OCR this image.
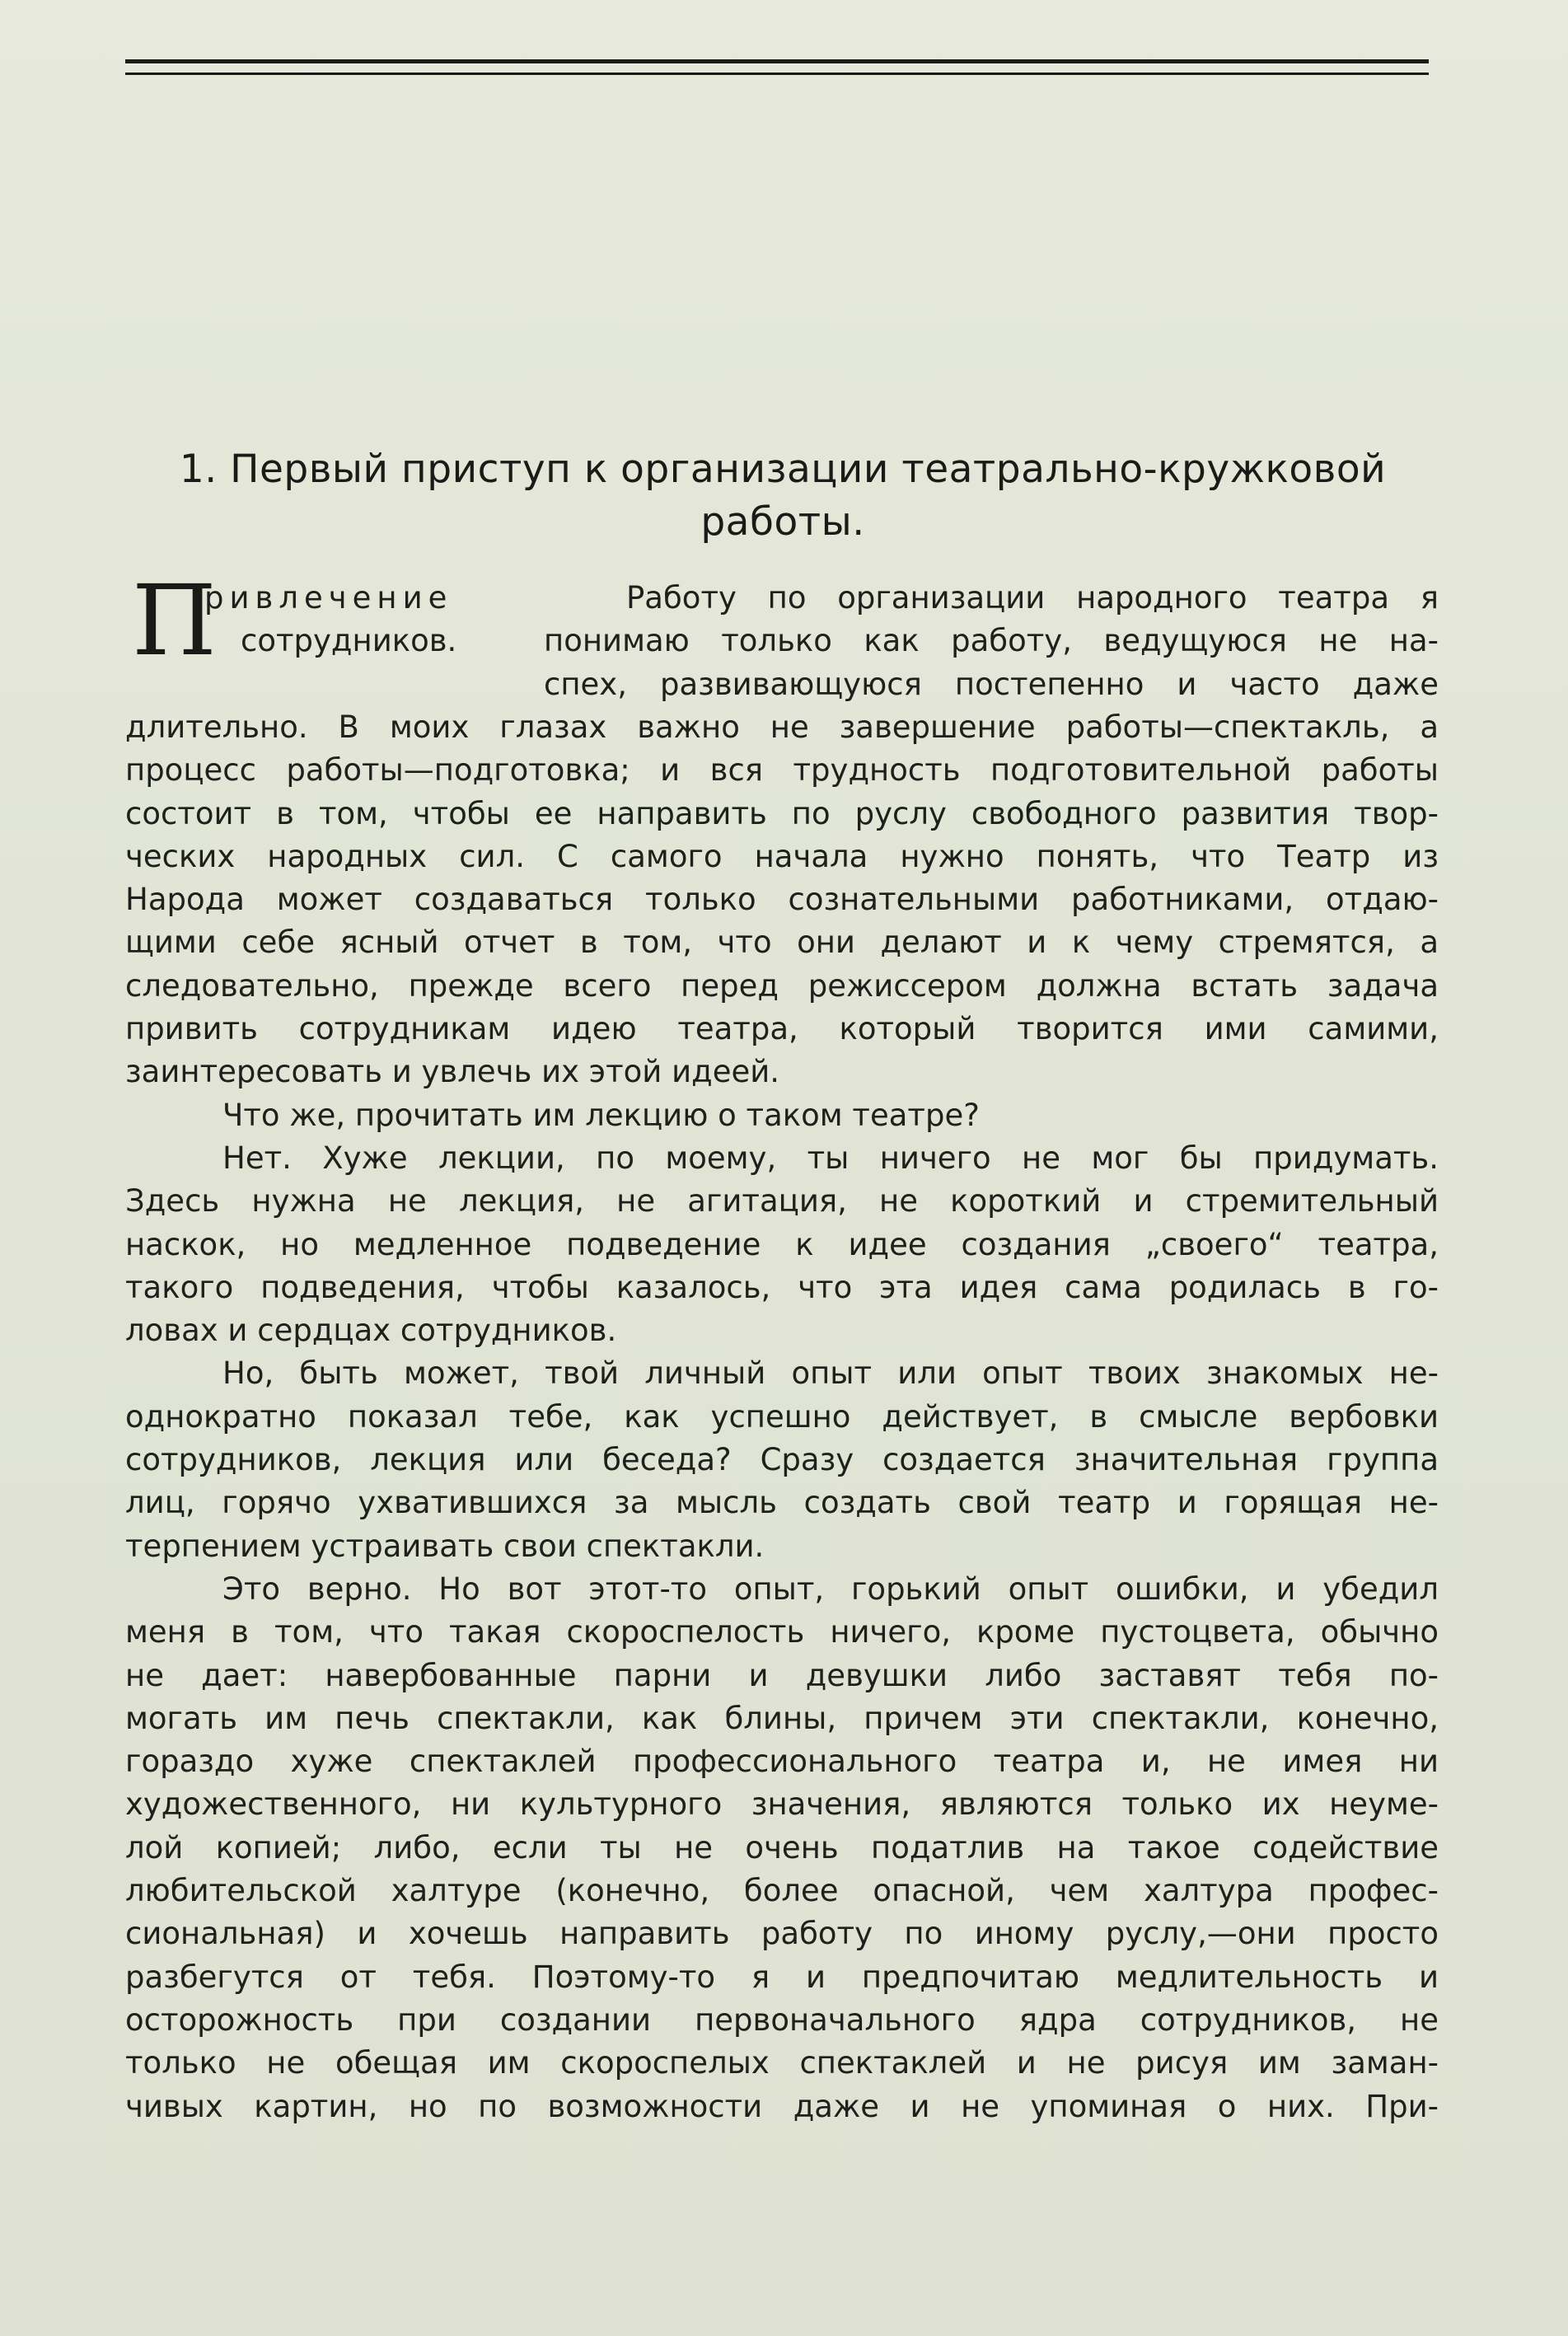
1. Первый приступ к организации театрально-кружковой
работы.
П
ривлечение
сотрудников.
Работу по организации народного театра я
понимаю только как работу, ведущуюся не на-
спех, развивающуюся постепенно и часто даже
длительно. В моих глазах важно не завершение работы—спектакль, а
процесс работы—подготовка; и вся трудность подготовительной работы
состоит в том, чтобы ее направить по руслу свободного развития твор-
ческих народных сил. С самого начала нужно понять, что Театр из
Народа может создаваться только сознательными работниками, отдаю-
щими себе ясный отчет в том, что они делают и к чему стремятся, а
следовательно, прежде всего перед режиссером должна встать задача
привить сотрудникам идею театра, который творится ими самими,
заинтересовать и увлечь их этой идеей.
Что же, прочитать им лекцию о таком театре?
Нет. Хуже лекции, по моему, ты ничего не мог бы придумать.
Здесь нужна не лекция, не агитация, не короткий и стремительный
наскок, но медленное подведение к идее создания „своего“ театра,
такого подведения, чтобы казалось, что эта идея сама родилась в го-
ловах и сердцах сотрудников.
Но, быть может, твой личный опыт или опыт твоих знакомых не-
однократно показал тебе, как успешно действует, в смысле вербовки
сотрудников, лекция или беседа? Сразу создается значительная группа
лиц, горячо ухватившихся за мысль создать свой театр и горящая не-
терпением устраивать свои спектакли.
Это верно. Но вот этот-то опыт, горький опыт ошибки, и убедил
меня в том, что такая скороспелость ничего, кроме пустоцвета, обычно
не дает: навербованные парни и девушки либо заставят тебя по-
могать им печь спектакли, как блины, причем эти спектакли, конечно,
гораздо хуже спектаклей профессионального театра и, не имея ни
художественного, ни культурного значения, являются только их неуме-
лой копией; либо, если ты не очень податлив на такое содействие
любительской халтуре (конечно, более опасной, чем халтура профес-
сиональная) и хочешь направить работу по иному руслу,—они просто
разбегутся от тебя. Поэтому-то я и предпочитаю медлительность и
осторожность при создании первоначального ядра сотрудников, не
только не обещая им скороспелых спектаклей и не рисуя им заман-
чивых картин, но по возможности даже и не упоминая о них. При-
